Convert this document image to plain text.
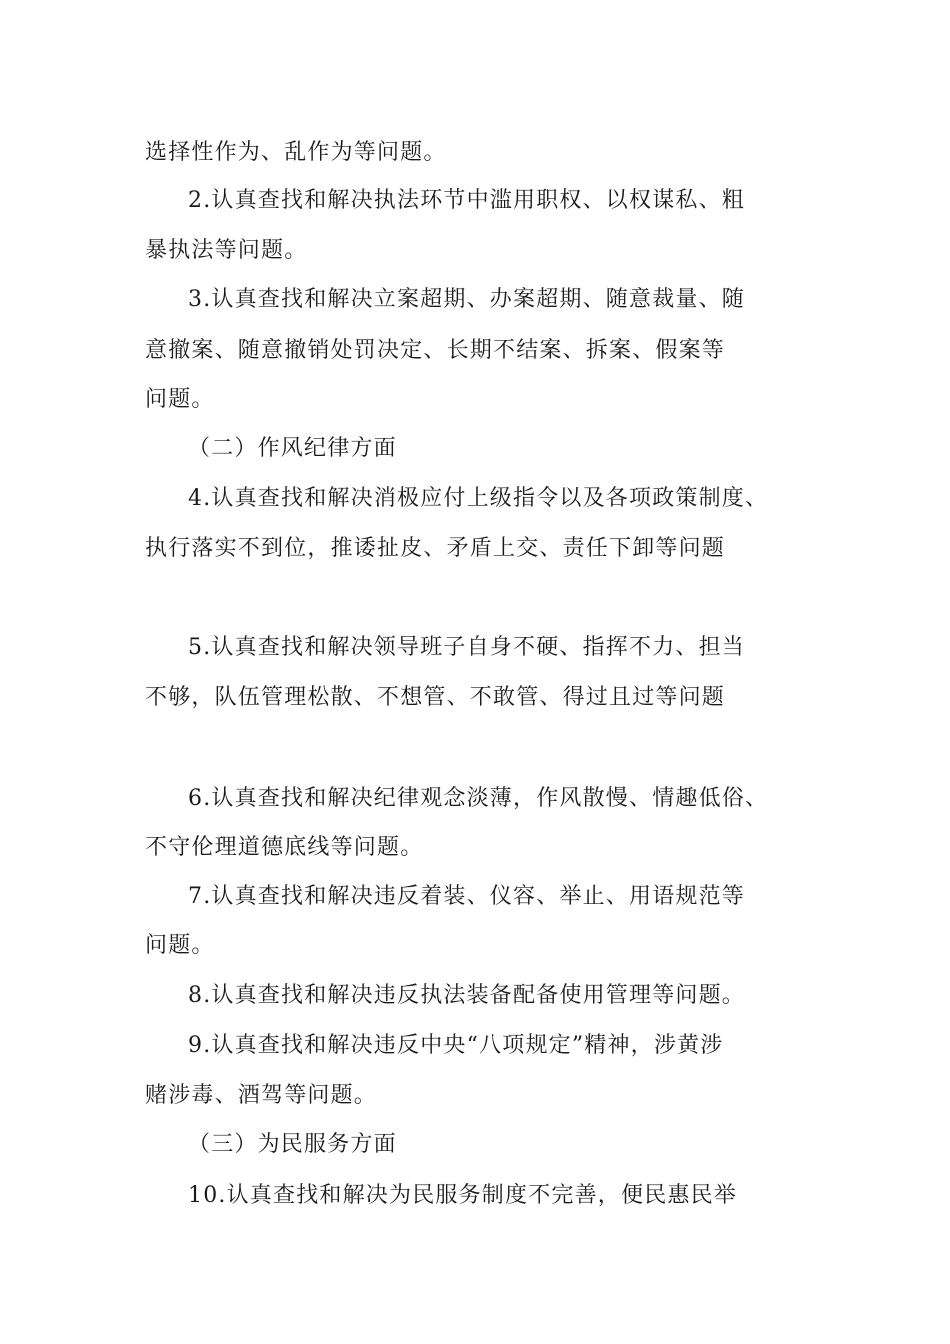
选择性作为、乱作为等问题。
2.认真查找和解决执法环节中滥用职权、以权谋私、粗
暴执法等问题。
3.认真查找和解决立案超期、办案超期、随意裁量、随
意撤案、随意撤销处罚决定、长期不结案、拆案、假案等
问题。
（二）作风纪律方面
4.认真查找和解决消极应付上级指令以及各项政策制度、
执行落实不到位，推诿扯皮、矛盾上交、责任下卸等问题
5.认真查找和解决领导班子自身不硬、指挥不力、担当
不够，队伍管理松散、不想管、不敢管、得过且过等问题
6.认真查找和解决纪律观念淡薄，作风散慢、情趣低俗、
不守伦理道德底线等问题。
7.认真查找和解决违反着装、仪容、举止、用语规范等
问题。
8.认真查找和解决违反执法装备配备使用管理等问题。
9.认真查找和解决违反中央“八项规定”精神，涉黄涉
赌涉毒、酒驾等问题。
（三）为民服务方面
10.认真查找和解决为民服务制度不完善，便民惠民举
